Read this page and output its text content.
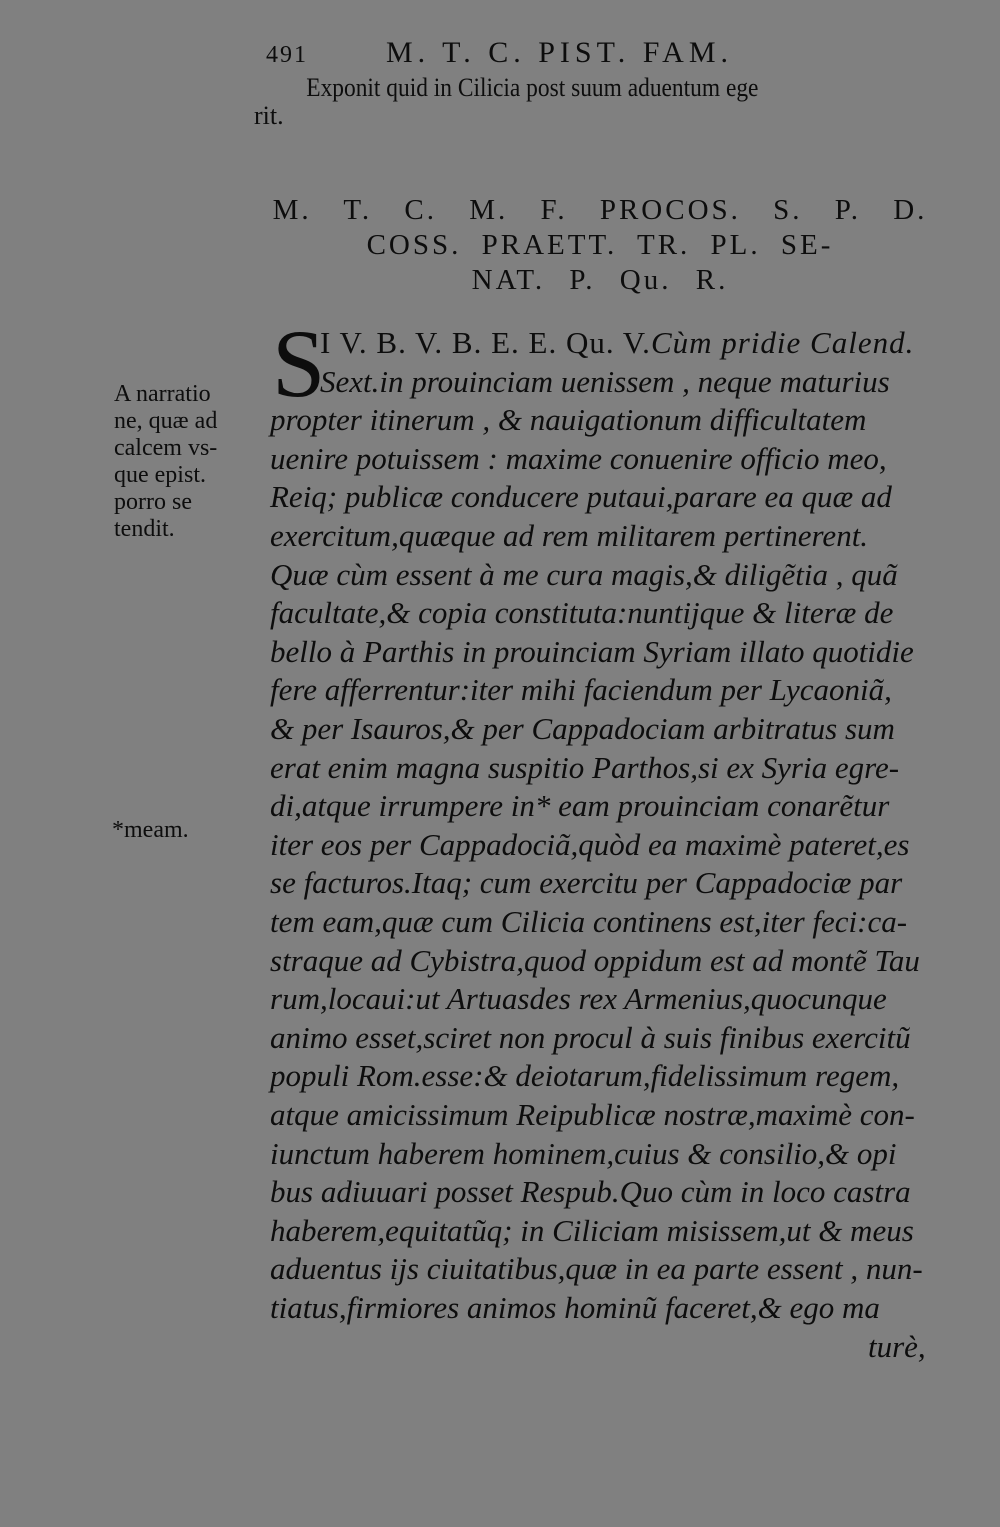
491	M. T. C. PIST. FAM.
Exponit quid in Cilicia post suum aduentum ege
rit.
M. T. C. M. F. PROCOS. S. P. D.
COSS. PRAETT. TR. PL. SE-
NAT. P. Qu. R.
A narratio
ne, quæ ad
calcem vs-
que epist.
porro se
tendit.
*meam.
S
I V. B. V. B. E. E. Qu. V.Cùm pridie Calend.
Sext.in prouinciam uenissem , neque maturius
propter itinerum , & nauigationum difficultatem
uenire potuissem : maxime conuenire officio meo,
Reiq; publicæ conducere putaui,parare ea quæ ad
exercitum,quæque ad rem militarem pertinerent.
Quæ cùm essent à me cura magis,& diligẽtia , quã
facultate,& copia constituta:nuntijque & literæ de
bello à Parthis in prouinciam Syriam illato quotidie
fere afferrentur:iter mihi faciendum per Lycaoniã,
& per Isauros,& per Cappadociam arbitratus sum
erat enim magna suspitio Parthos,si ex Syria egre-
di,atque irrumpere in* eam prouinciam conarẽtur
iter eos per Cappadociã,quòd ea maximè pateret,es
se facturos.Itaq; cum exercitu per Cappadociæ par
tem eam,quæ cum Cilicia continens est,iter feci:ca-
straque ad Cybistra,quod oppidum est ad montẽ Tau
rum,locaui:ut Artuasdes rex Armenius,quocunque
animo esset,sciret non procul à suis finibus exercitũ
populi Rom.esse:& deiotarum,fidelissimum regem,
atque amicissimum Reipublicæ nostræ,maximè con-
iunctum haberem hominem,cuius & consilio,& opi
bus adiuuari posset Respub.Quo cùm in loco castra
haberem,equitatũq; in Ciliciam misissem,ut & meus
aduentus ijs ciuitatibus,quæ in ea parte essent , nun-
tiatus,firmiores animos hominũ faceret,& ego ma
turè,
